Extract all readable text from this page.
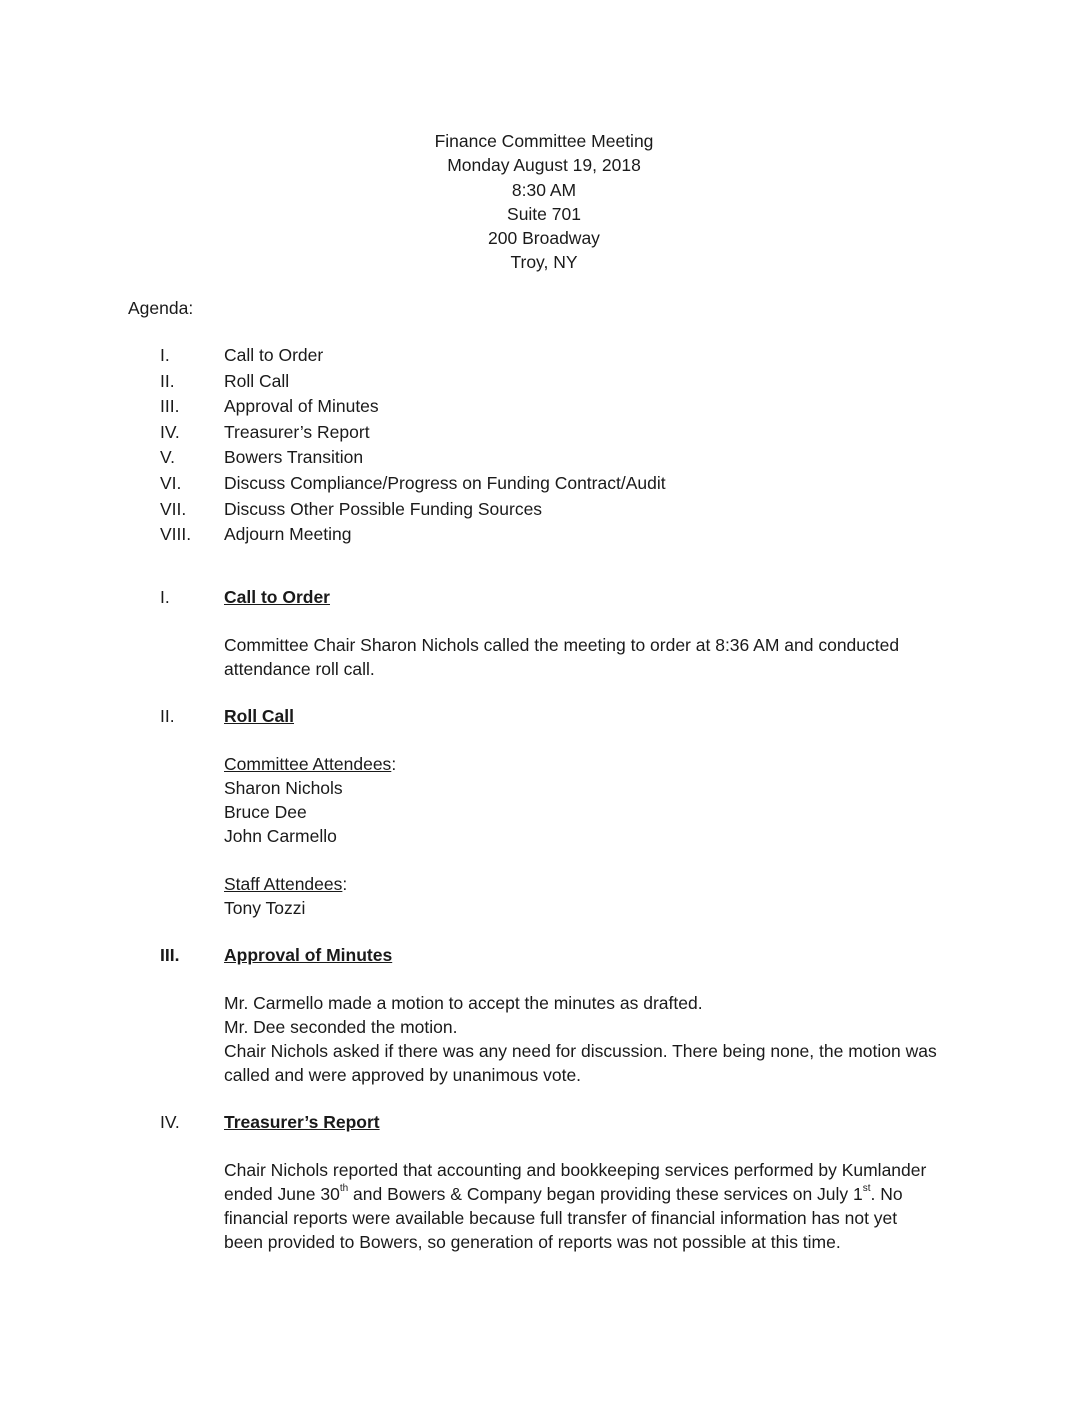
Finance Committee Meeting
Monday August 19, 2018
8:30 AM
Suite 701
200 Broadway
Troy, NY
Agenda:
I.	Call to Order
II.	Roll Call
III.	Approval of Minutes
IV.	Treasurer’s Report
V.	Bowers Transition
VI.	Discuss Compliance/Progress on Funding Contract/Audit
VII.	Discuss Other Possible Funding Sources
VIII.	Adjourn Meeting
I.	Call to Order

Committee Chair Sharon Nichols called the meeting to order at 8:36 AM and conducted

attendance roll call.

II.	Roll Call

Committee Attendees:

Sharon Nichols

Bruce Dee

John Carmello

Staff Attendees:

Tony Tozzi

III.	Approval of Minutes

Mr. Carmello made a motion to accept the minutes as drafted.

Mr. Dee seconded the motion.

Chair Nichols asked if there was any need for discussion. There being none, the motion was

called and were approved by unanimous vote.

IV.	Treasurer’s Report

Chair Nichols reported that accounting and bookkeeping services performed by Kumlander

ended June 30th and Bowers & Company began providing these services on July 1st. No

financial reports were available because full transfer of financial information has not yet

been provided to Bowers, so generation of reports was not possible at this time.
